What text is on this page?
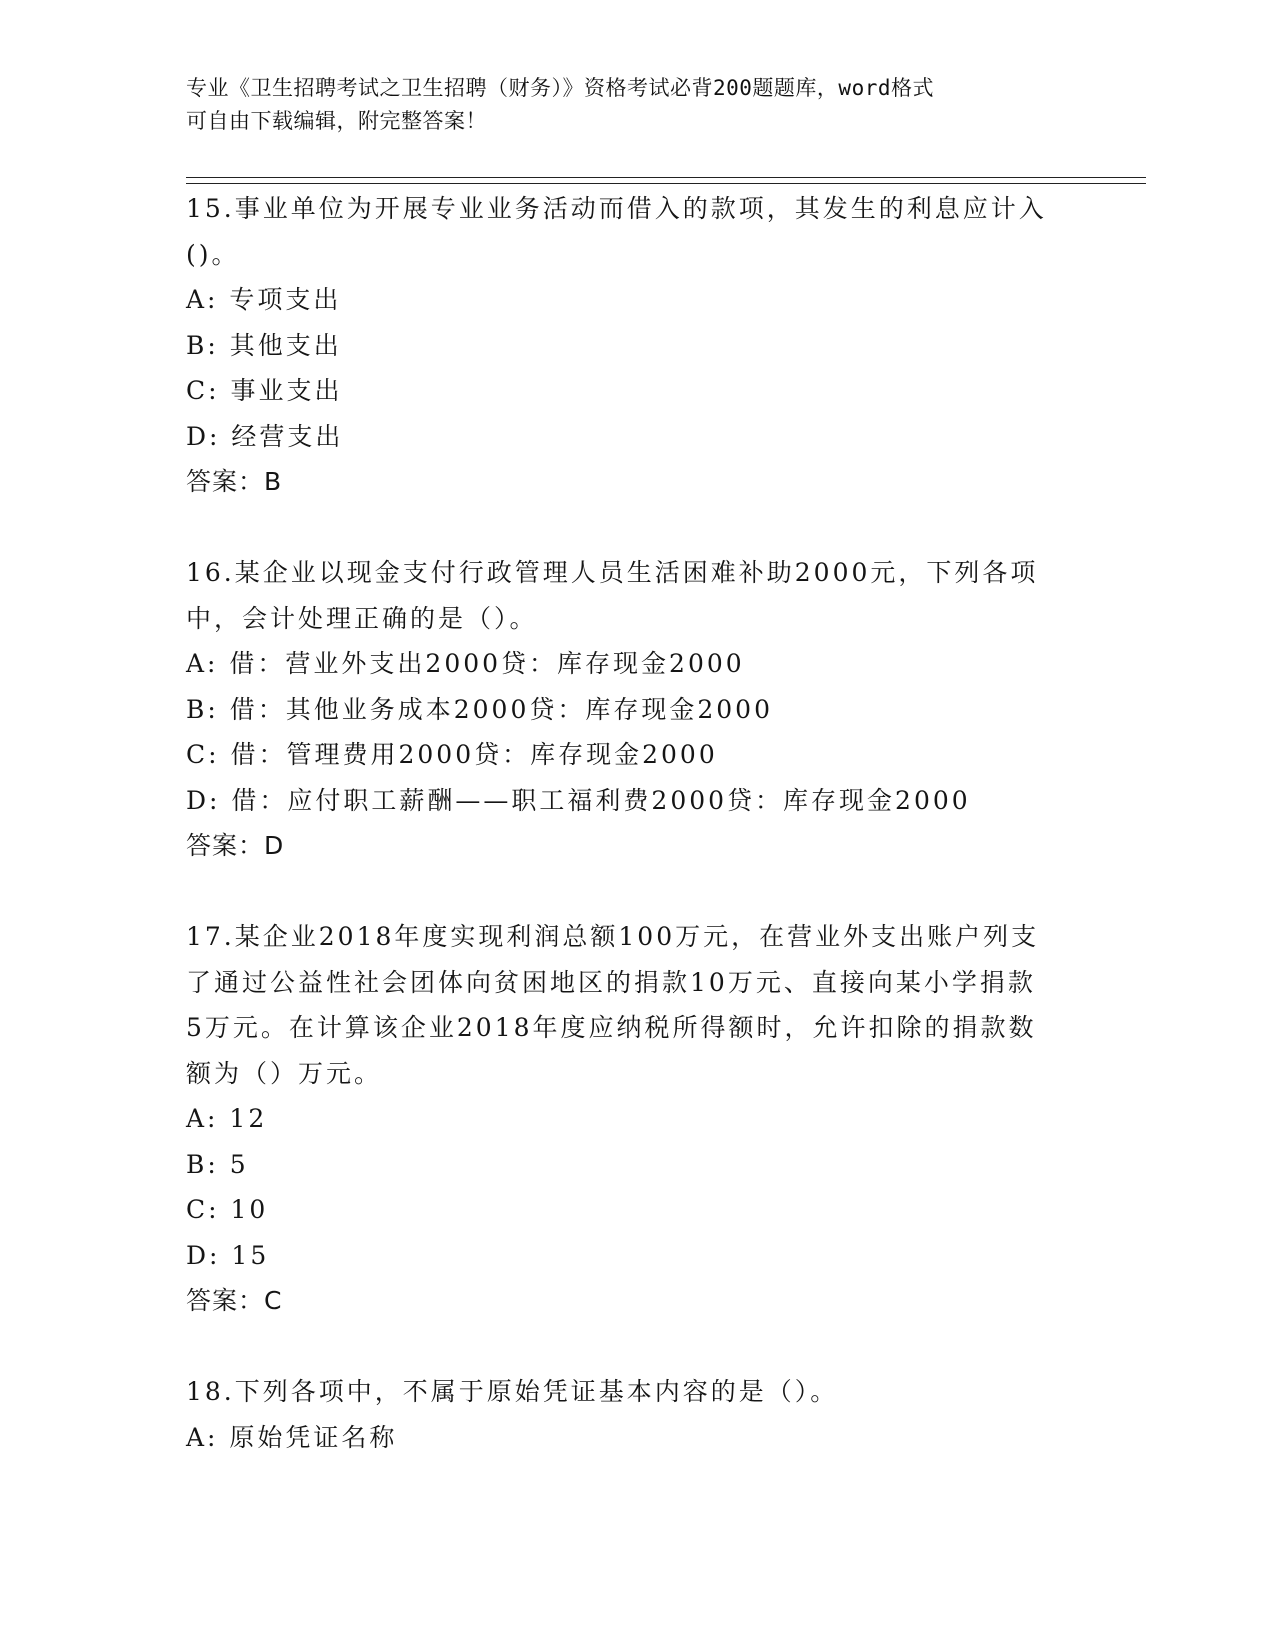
专业《卫生招聘考试之卫生招聘（财务）》资格考试必背200题题库，word格式
可自由下载编辑，附完整答案！
15.事业单位为开展专业业务活动而借入的款项，其发生的利息应计入
()。
A: 专项支出
B: 其他支出
C: 事业支出
D: 经营支出
答案：B
16.某企业以现金支付行政管理人员生活困难补助2000元，下列各项
中，会计处理正确的是（）。
A: 借：营业外支出2000贷：库存现金2000
B: 借：其他业务成本2000贷：库存现金2000
C: 借：管理费用2000贷：库存现金2000
D: 借：应付职工薪酬——职工福利费2000贷：库存现金2000
答案：D
17.某企业2018年度实现利润总额100万元，在营业外支出账户列支
了通过公益性社会团体向贫困地区的捐款10万元、直接向某小学捐款
5万元。在计算该企业2018年度应纳税所得额时，允许扣除的捐款数
额为（）万元。
A: 12
B: 5
C: 10
D: 15
答案：C
18.下列各项中，不属于原始凭证基本内容的是（）。
A: 原始凭证名称
